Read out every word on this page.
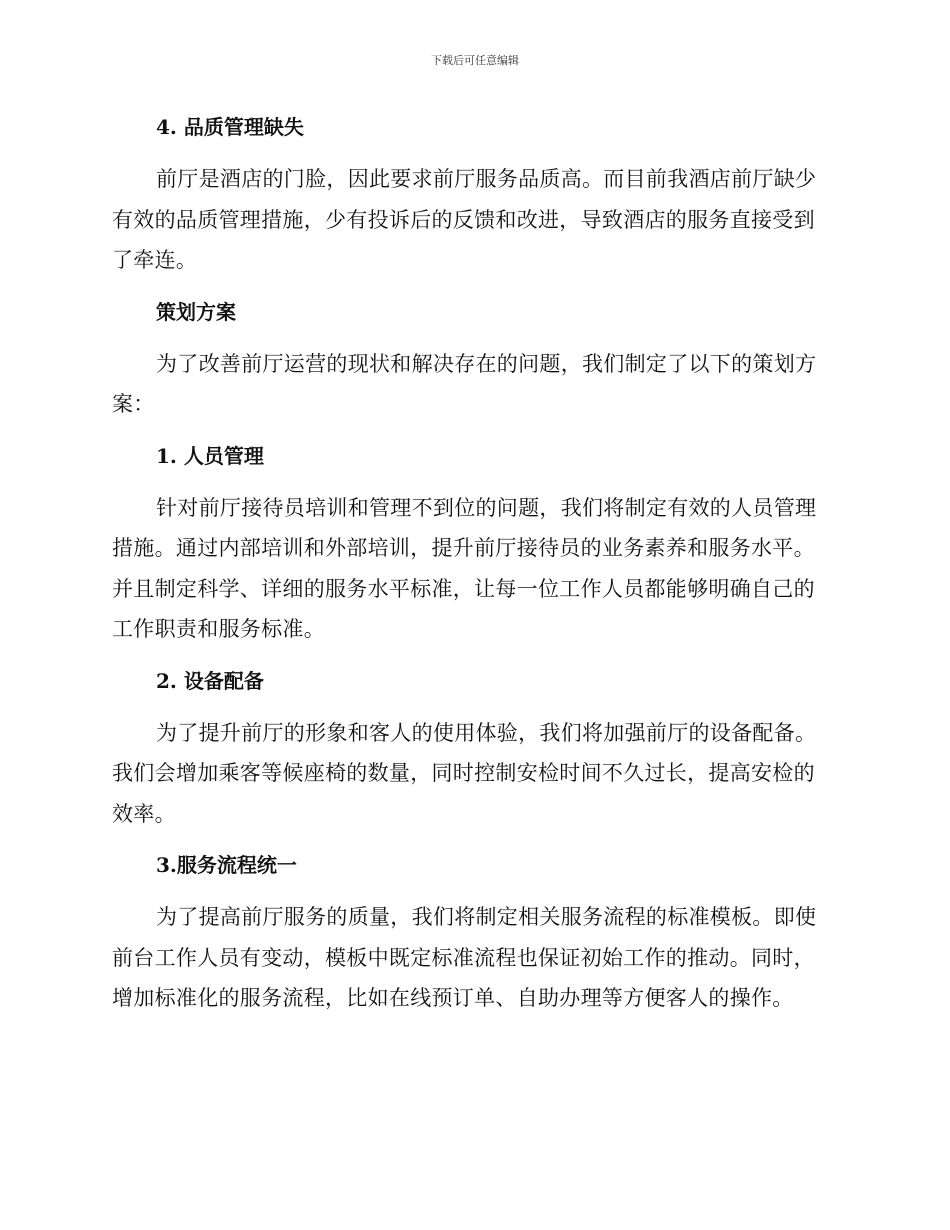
下载后可任意编辑
4. 品质管理缺失
前厅是酒店的门脸，因此要求前厅服务品质高。而目前我酒店前厅缺少有效的品质管理措施，少有投诉后的反馈和改进，导致酒店的服务直接受到了牵连。
策划方案
为了改善前厅运营的现状和解决存在的问题，我们制定了以下的策划方案：
1. 人员管理
针对前厅接待员培训和管理不到位的问题，我们将制定有效的人员管理措施。通过内部培训和外部培训，提升前厅接待员的业务素养和服务水平。并且制定科学、详细的服务水平标准，让每一位工作人员都能够明确自己的工作职责和服务标准。
2. 设备配备
为了提升前厅的形象和客人的使用体验，我们将加强前厅的设备配备。我们会增加乘客等候座椅的数量，同时控制安检时间不久过长，提高安检的效率。
3.服务流程统一
为了提高前厅服务的质量，我们将制定相关服务流程的标准模板。即使前台工作人员有变动，模板中既定标准流程也保证初始工作的推动。同时，增加标准化的服务流程，比如在线预订单、自助办理等方便客人的操作。
